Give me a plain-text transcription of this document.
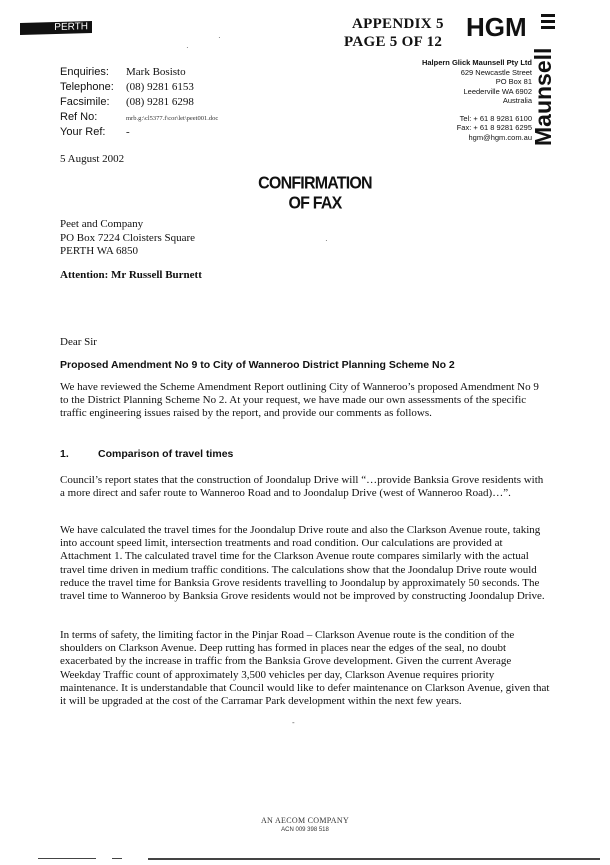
PERTH	APPENDIX 5
PAGE 5 OF 12 HGM
Maunsell
Halpern Glick Maunsell Pty Ltd
629 Newcastle Street
PO Box 81
Leederville WA 6902
Australia
Tel: + 61 8 9281 6100
Fax: + 61 8 9281 6295
hgm@hgm.com.au
Enquiries:	Mark Bosisto
Telephone:	(08) 9281 6153
Facsimile:	(08) 9281 6298
Ref No:	mrb.g:\cl5377.f\cor\let\peet001.doc
Your Ref:	-
5 August 2002
CONFIRMATION
OF FAX
Peet and Company
PO Box 7224 Cloisters Square
PERTH WA 6850
Attention: Mr Russell Burnett
Dear Sir
Proposed Amendment No 9 to City of Wanneroo District Planning Scheme No 2
We have reviewed the Scheme Amendment Report outlining City of Wanneroo’s proposed Amendment No 9 to the District Planning Scheme No 2. At your request, we have made our own assessments of the specific traffic engineering issues raised by the report, and provide our comments as follows.
1.	Comparison of travel times
Council’s report states that the construction of Joondalup Drive will “…provide Banksia Grove residents with a more direct and safer route to Wanneroo Road and to Joondalup Drive (west of Wanneroo Road)…”.
We have calculated the travel times for the Joondalup Drive route and also the Clarkson Avenue route, taking into account speed limit, intersection treatments and road condition. Our calculations are provided at Attachment 1. The calculated travel time for the Clarkson Avenue route compares similarly with the actual travel time driven in medium traffic conditions. The calculations show that the Joondalup Drive route would reduce the travel time for Banksia Grove residents travelling to Joondalup by approximately 50 seconds. The travel time to Wanneroo by Banksia Grove residents would not be improved by constructing Joondalup Drive.
In terms of safety, the limiting factor in the Pinjar Road – Clarkson Avenue route is the condition of the shoulders on Clarkson Avenue. Deep rutting has formed in places near the edges of the seal, no doubt exacerbated by the increase in traffic from the Banksia Grove development. Given the current Average Weekday Traffic count of approximately 3,500 vehicles per day, Clarkson Avenue requires priority maintenance. It is understandable that Council would like to defer maintenance on Clarkson Avenue, given that it will be upgraded at the cost of the Carramar Park development within the next few years.
AN AECOM COMPANY
ACN 009 398 518
·
·
·
-
